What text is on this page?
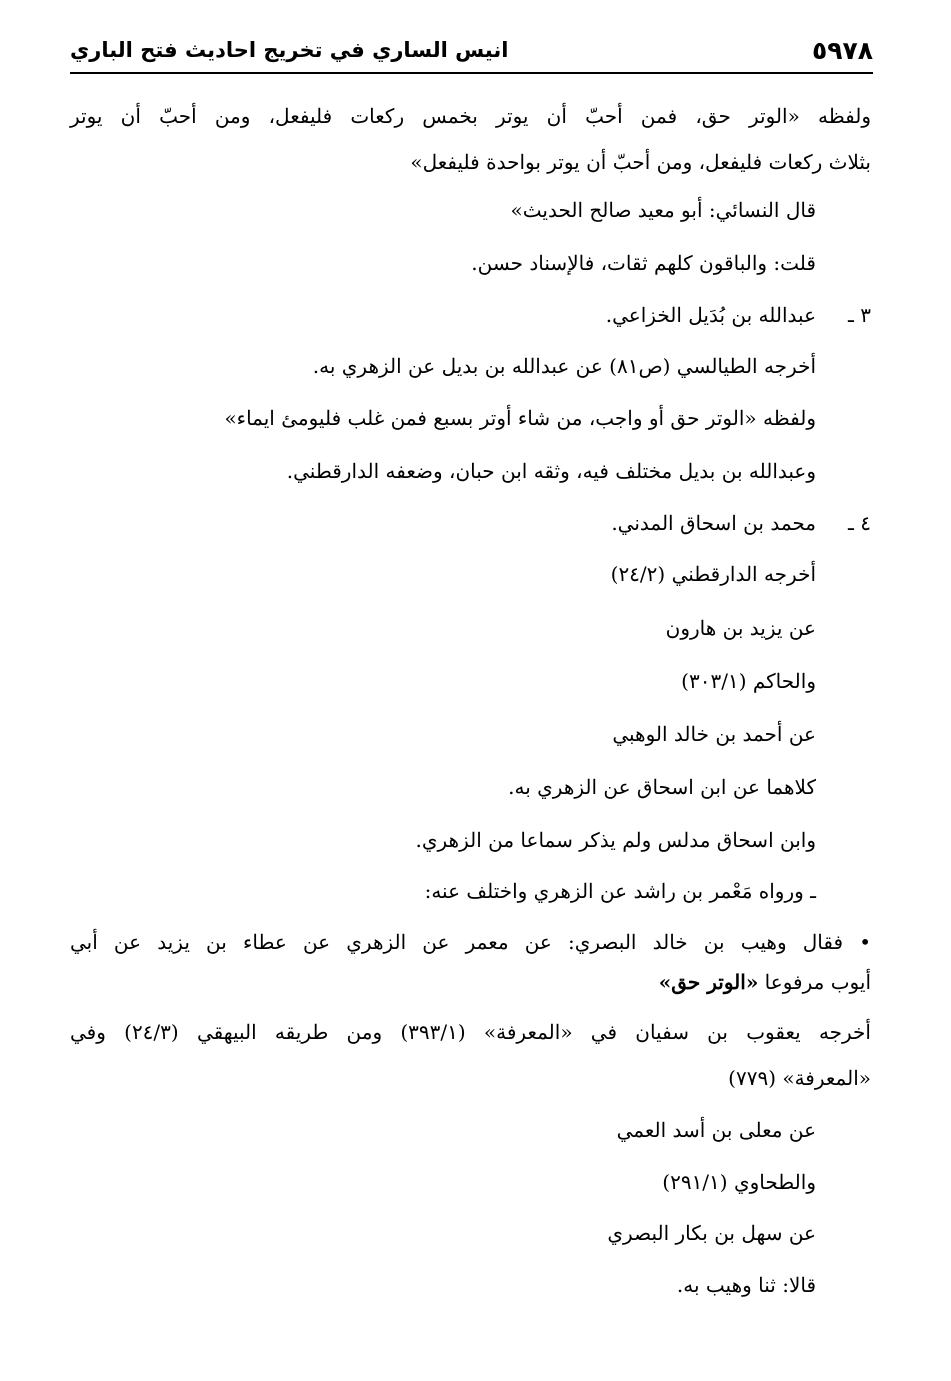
٥٩٧٨
انيس الساري في تخريج احاديث فتح الباري
ولفظه «الوتر حق، فمن أحبّ أن يوتر بخمس ركعات فليفعل، ومن أحبّ أن يوتر
بثلاث ركعات فليفعل، ومن أحبّ أن يوتر بواحدة فليفعل»
قال النسائي: أبو معيد صالح الحديث»
قلت: والباقون كلهم ثقات، فالإسناد حسن.
٣ ـ
عبدالله بن بُدَيل الخزاعي.
أخرجه الطيالسي (ص٨١) عن عبدالله بن بديل عن الزهري به.
ولفظه «الوتر حق أو واجب، من شاء أوتر بسبع فمن غلب فليومئ ايماء»
وعبدالله بن بديل مختلف فيه، وثقه ابن حبان، وضعفه الدارقطني.
٤ ـ
محمد بن اسحاق المدني.
أخرجه الدارقطني (٢٤/٢)
عن يزيد بن هارون
والحاكم (٣٠٣/١)
عن أحمد بن خالد الوهبي
كلاهما عن ابن اسحاق عن الزهري به.
وابن اسحاق مدلس ولم يذكر سماعا من الزهري.
ـ ورواه مَعْمر بن راشد عن الزهري واختلف عنه:
• فقال وهيب بن خالد البصري: عن معمر عن الزهري عن عطاء بن يزيد عن أبي
أيوب مرفوعا «الوتر حق»
أخرجه يعقوب بن سفيان في «المعرفة» (٣٩٣/١) ومن طريقه البيهقي (٢٤/٣) وفي
«المعرفة» (٧٧٩)
عن معلى بن أسد العمي
والطحاوي (٢٩١/١)
عن سهل بن بكار البصري
قالا: ثنا وهيب به.
